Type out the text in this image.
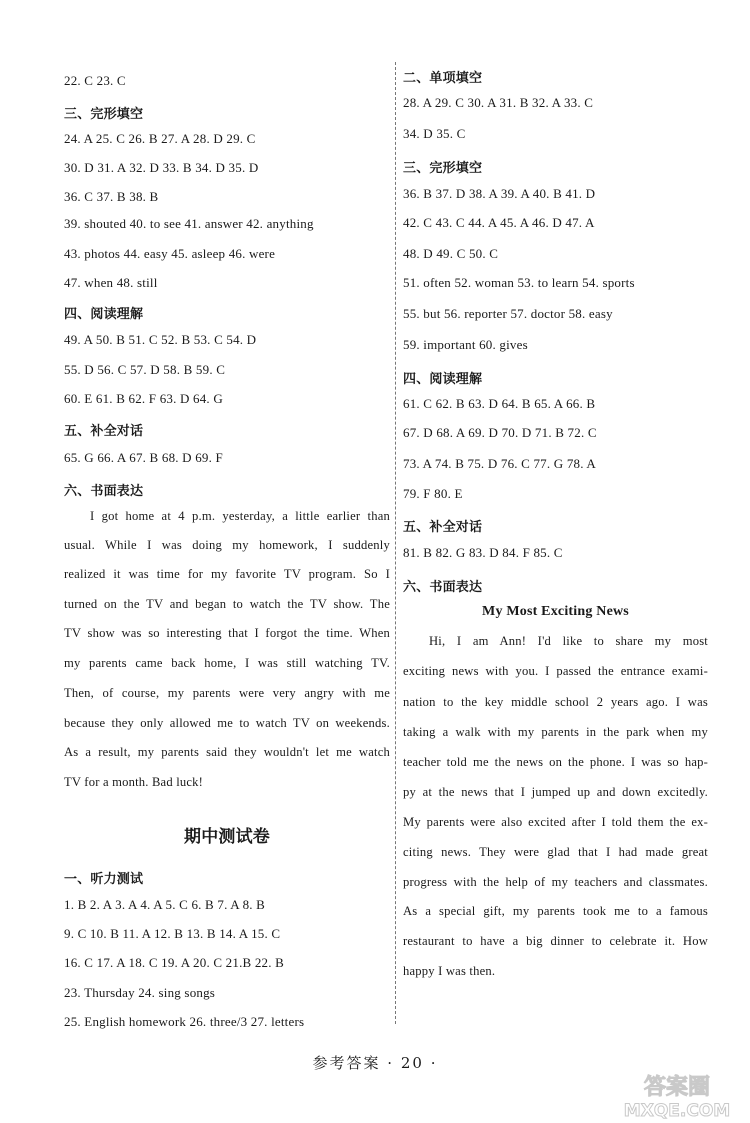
22. C 23. C
三、完形填空
24. A 25. C 26. B 27. A 28. D 29. C
30. D 31. A 32. D 33. B 34. D 35. D
36. C 37. B 38. B
39. shouted 40. to see 41. answer 42. anything
43. photos 44. easy 45. asleep 46. were
47. when 48. still
四、阅读理解
49. A 50. B 51. C 52. B 53. C 54. D
55. D 56. C 57. D 58. B 59. C
60. E 61. B 62. F 63. D 64. G
五、补全对话
65. G 66. A 67. B 68. D 69. F
六、书面表达
I got home at 4 p.m. yesterday, a little earlier than
usual. While I was doing my homework, I suddenly
realized it was time for my favorite TV program. So I
turned on the TV and began to watch the TV show. The
TV show was so interesting that I forgot the time. When
my parents came back home, I was still watching TV.
Then, of course, my parents were very angry with me
because they only allowed me to watch TV on weekends.
As a result, my parents said they wouldn't let me watch
TV for a month. Bad luck!
期中测试卷
一、听力测试
1. B 2. A 3. A 4. A 5. C 6. B 7. A 8. B
9. C 10. B 11. A 12. B 13. B 14. A 15. C
16. C 17. A 18. C 19. A 20. C 21.B 22. B
23. Thursday 24. sing songs
25. English homework 26. three/3 27. letters
二、单项填空
28. A 29. C 30. A 31. B 32. A 33. C
34. D 35. C
三、完形填空
36. B 37. D 38. A 39. A 40. B 41. D
42. C 43. C 44. A 45. A 46. D 47. A
48. D 49. C 50. C
51. often 52. woman 53. to learn 54. sports
55. but 56. reporter 57. doctor 58. easy
59. important 60. gives
四、阅读理解
61. C 62. B 63. D 64. B 65. A 66. B
67. D 68. A 69. D 70. D 71. B 72. C
73. A 74. B 75. D 76. C 77. G 78. A
79. F 80. E
五、补全对话
81. B 82. G 83. D 84. F 85. C
六、书面表达
My Most Exciting News
Hi, I am Ann! I'd like to share my most
exciting news with you. I passed the entrance exami-
nation to the key middle school 2 years ago. I was
taking a walk with my parents in the park when my
teacher told me the news on the phone. I was so hap-
py at the news that I jumped up and down excitedly.
My parents were also excited after I told them the ex-
citing news. They were glad that I had made great
progress with the help of my teachers and classmates.
As a special gift, my parents took me to a famous
restaurant to have a big dinner to celebrate it. How
happy I was then.
参考答案 · 20 ·
答案圈
MXQE.COM
